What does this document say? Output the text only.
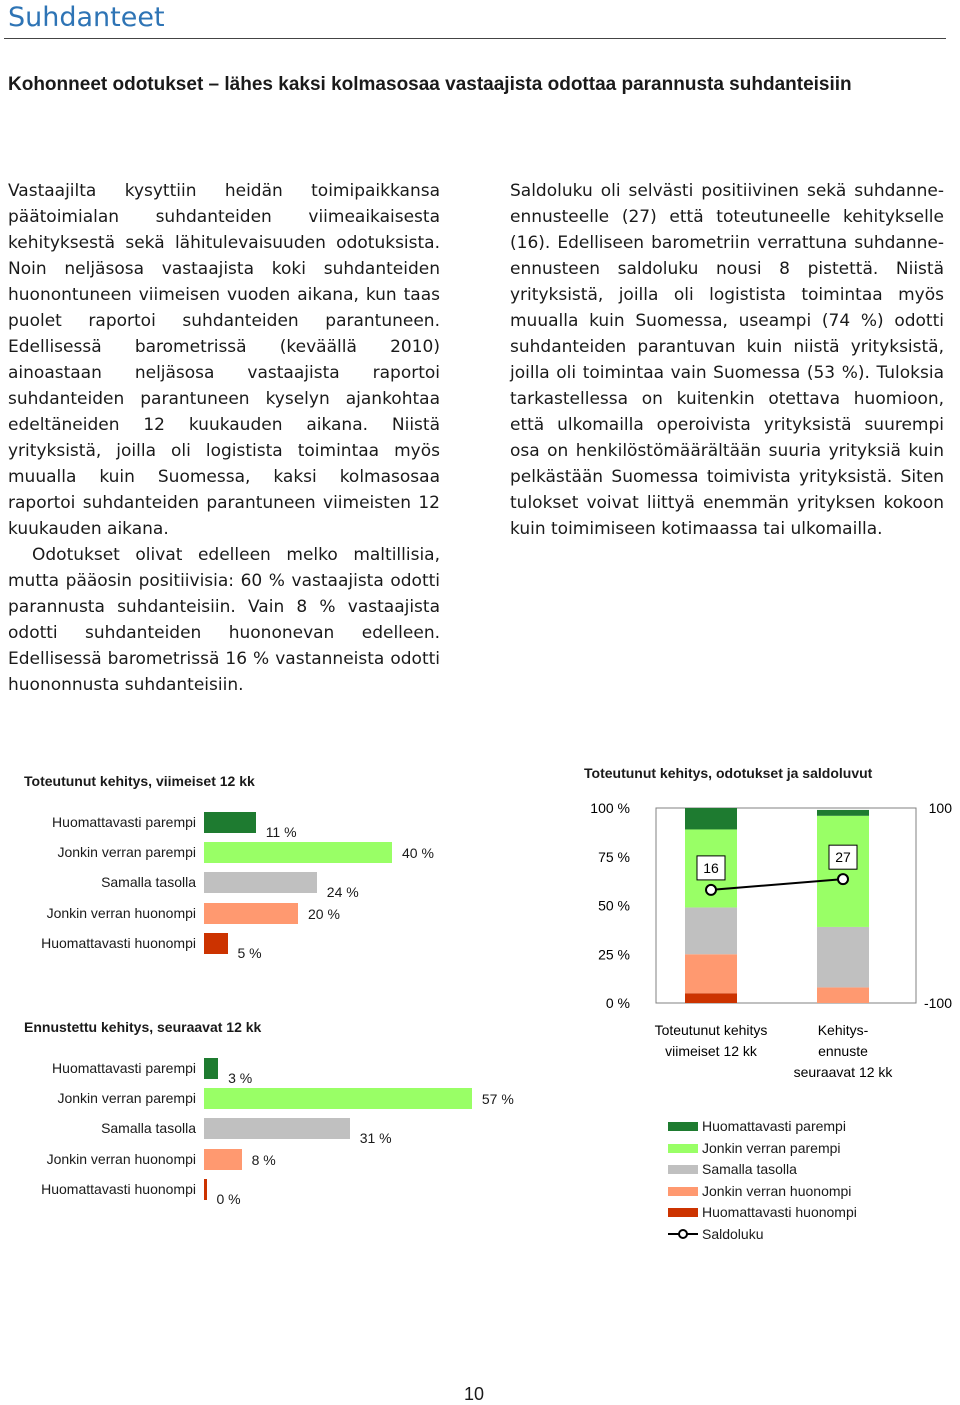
Suhdanteet
Kohonneet odotukset – lähes kaksi kolmasosaa vastaajista odottaa parannusta suhdanteisiin

Vastaajilta kysyttiin heidän toimipaikkansa päätoimialan suhdanteiden viimeaikaisesta kehityksestä sekä lähitulevaisuuden odotuksista. Noin neljäsosa vastaajista koki suhdanteiden huonontuneen viimeisen vuoden aikana, kun taas puolet raportoi suhdanteiden parantuneen. Edellisessä barometrissä (keväällä 2010) ainoastaan neljäsosa vastaajista raportoi suhdanteiden parantuneen kyselyn ajankohtaa edeltäneiden 12 kuukauden aikana. Niistä yrityksistä, joilla oli logistista toimintaa myös muualla kuin Suomessa, kaksi kolmasosaa raportoi suhdanteiden parantuneen viimeisten 12 kuukauden aikana.

Odotukset olivat edelleen melko maltillisia, mutta pääosin positiivisia: 60 % vastaajista odotti parannusta suhdanteisiin. Vain 8 % vastaajista odotti suhdanteiden huononevan edelleen. Edellisessä barometrissä 16 % vastanneista odotti huononnusta suhdanteisiin.

Saldoluku oli selvästi positiivinen sekä suhdanne-ennusteelle (27) että toteutuneelle kehitykselle (16). Edelliseen barometriin verrattuna suhdanne-ennusteen saldoluku nousi 8 pistettä. Niistä yrityksistä, joilla oli logistista toimintaa myös muualla kuin Suomessa, useampi (74 %) odotti suhdanteiden parantuvan kuin niistä yrityksistä, joilla oli toimintaa vain Suomessa (53 %). Tuloksia tarkastellessa on kuitenkin otettava huomioon, että ulkomailla operoivista yrityksistä suurempi osa on henkilöstömäärältään suuria yrityksiä kuin pelkästään Suomessa toimivista yrityksistä. Siten tulokset voivat liittyä enemmän yrityksen kokoon kuin toimimiseen kotimaassa tai ulkomailla.

Toteutunut kehitys, viimeiset 12 kk
Huomattavasti parempi
11 %
Jonkin verran parempi	40 %
Samalla tasolla
24 %
Jonkin verran huonompi	20 %
Huomattavasti huonompi
5 %
Ennustettu kehitys, seuraavat 12 kk
Huomattavasti parempi
3 %
Jonkin verran parempi	57 %
Samalla tasolla
31 %
Jonkin verran huonompi	8 %
Huomattavasti huonompi
0 %
Toteutunut kehitys, odotukset ja saldoluvut
0 %
25 %
50 %
75 %
100 %
-100
100
Toteutunut kehitys
viimeiset 12 kk
Kehitys-
ennuste
seuraavat 12 kk
16
27
Huomattavasti parempi
Jonkin verran parempi
Samalla tasolla
Jonkin verran huonompi
Huomattavasti huonompi
Saldoluku
10
